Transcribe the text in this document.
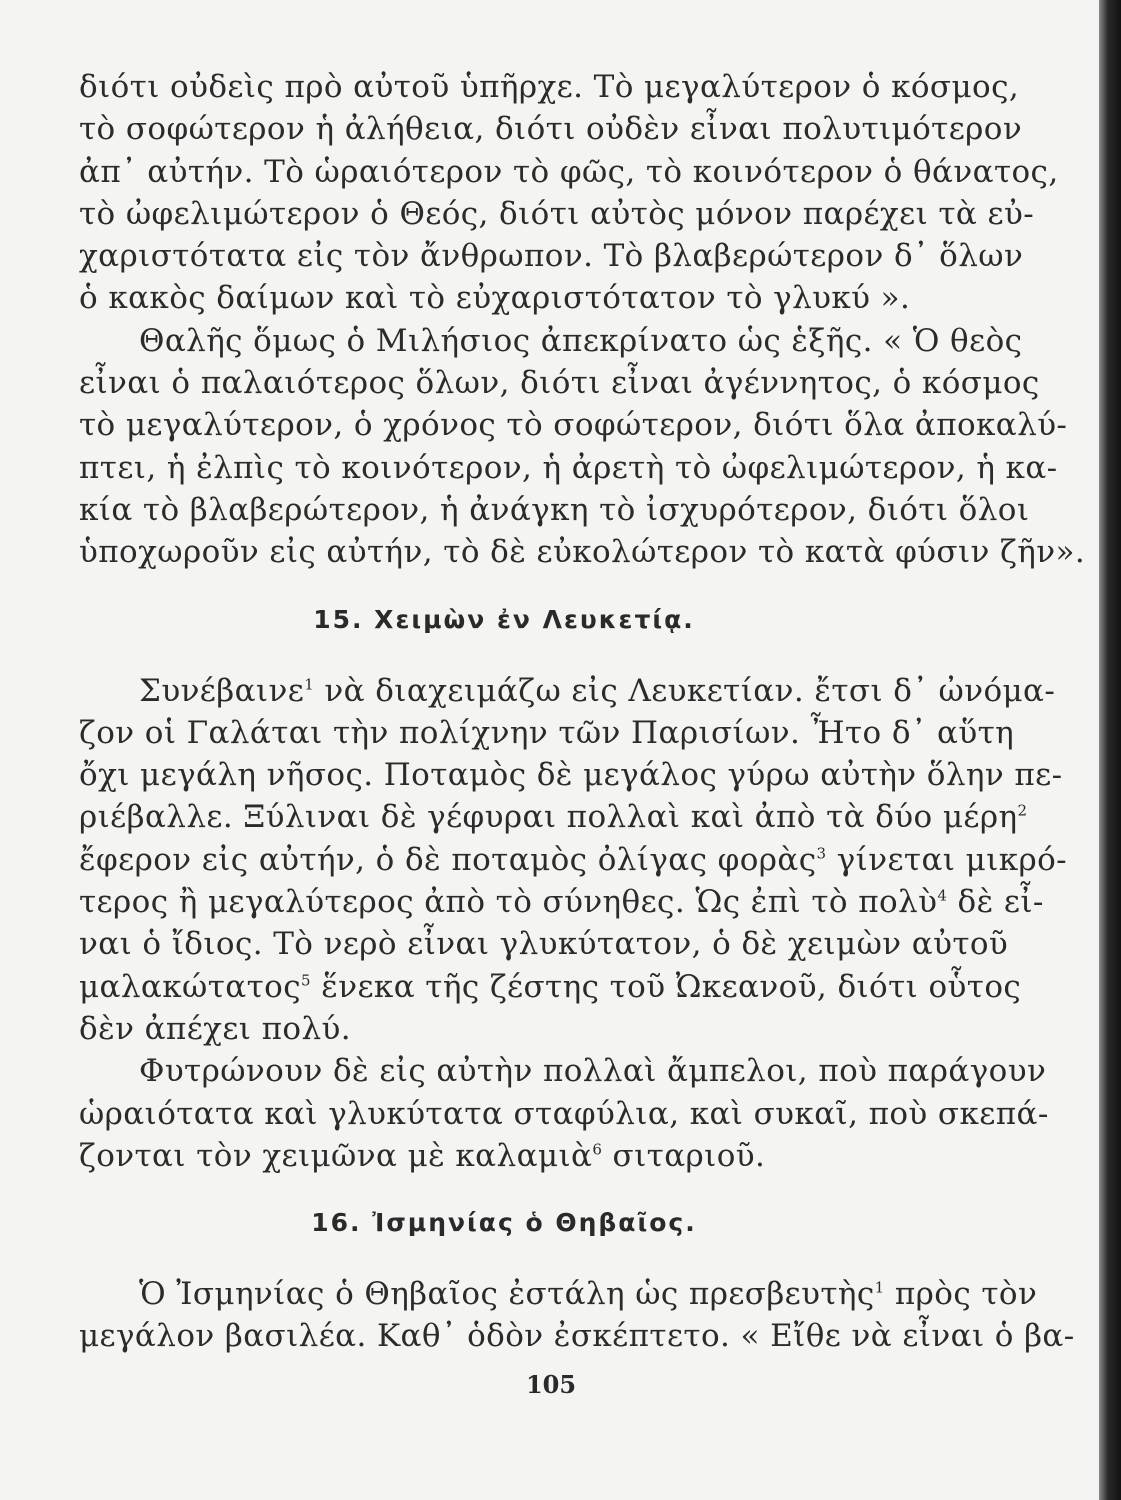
διότι οὐδεὶς πρὸ αὐτοῦ ὑπῆρχε. Τὸ μεγαλύτερον ὁ κόσμος,
τὸ σοφώτερον ἡ ἀλήθεια, διότι οὐδὲν εἶναι πολυτιμότερον
ἀπ᾽ αὐτήν. Τὸ ὡραιότερον τὸ φῶς, τὸ κοινότερον ὁ θάνατος,
τὸ ὠφελιμώτερον ὁ Θεός, διότι αὐτὸς μόνον παρέχει τὰ εὐ-
χαριστότατα εἰς τὸν ἄνθρωπον. Τὸ βλαβερώτερον δ᾽ ὅλων
ὁ κακὸς δαίμων καὶ τὸ εὐχαριστότατον τὸ γλυκύ ».
Θαλῆς ὅμως ὁ Μιλήσιος ἀπεκρίνατο ὡς ἑξῆς. « Ὁ θεὸς
εἶναι ὁ παλαιότερος ὅλων, διότι εἶναι ἀγέννητος, ὁ κόσμος
τὸ μεγαλύτερον, ὁ χρόνος τὸ σοφώτερον, διότι ὅλα ἀποκαλύ-
πτει, ἡ ἐλπὶς τὸ κοινότερον, ἡ ἀρετὴ τὸ ὠφελιμώτερον, ἡ κα-
κία τὸ βλαβερώτερον, ἡ ἀνάγκη τὸ ἰσχυρότερον, διότι ὅλοι
ὑποχωροῦν εἰς αὐτήν, τὸ δὲ εὐκολώτερον τὸ κατὰ φύσιν ζῆν».
15. Χειμὼν ἐν Λευκετίᾳ.
Συνέβαινε$^1$ νὰ διαχειμάζω εἰς Λευκετίαν. ἔτσι δ᾽ ὠνόμα-
ζον οἱ Γαλάται τὴν πολίχνην τῶν Παρισίων. Ἦτο δ᾽ αὕτη
ὄχι μεγάλη νῆσος. Ποταμὸς δὲ μεγάλος γύρω αὐτὴν ὅλην πε-
ριέβαλλε. Ξύλιναι δὲ γέφυραι πολλαὶ καὶ ἀπὸ τὰ δύο μέρη$^2$
ἔφερον εἰς αὐτήν, ὁ δὲ ποταμὸς ὀλίγας φορὰς$^3$ γίνεται μικρό-
τερος ἢ μεγαλύτερος ἀπὸ τὸ σύνηθες. Ὡς ἐπὶ τὸ πολὺ$^4$ δὲ εἶ-
ναι ὁ ἴδιος. Τὸ νερὸ εἶναι γλυκύτατον, ὁ δὲ χειμὼν αὐτοῦ
μαλακώτατος$^5$ ἕνεκα τῆς ζέστης τοῦ Ὠκεανοῦ, διότι οὗτος
δὲν ἀπέχει πολύ.
Φυτρώνουν δὲ εἰς αὐτὴν πολλαὶ ἄμπελοι, ποὺ παράγουν
ὡραιότατα καὶ γλυκύτατα σταφύλια, καὶ συκαῖ, ποὺ σκεπά-
ζονται τὸν χειμῶνα μὲ καλαμιὰ$^6$ σιταριοῦ.
16. Ἰσμηνίας ὁ Θηβαῖος.
Ὁ Ἰσμηνίας ὁ Θηβαῖος ἐστάλη ὡς πρεσβευτὴς$^1$ πρὸς τὸν
μεγάλον βασιλέα. Καθ᾽ ὁδὸν ἐσκέπτετο. « Εἴθε νὰ εἶναι ὁ βα-
105
